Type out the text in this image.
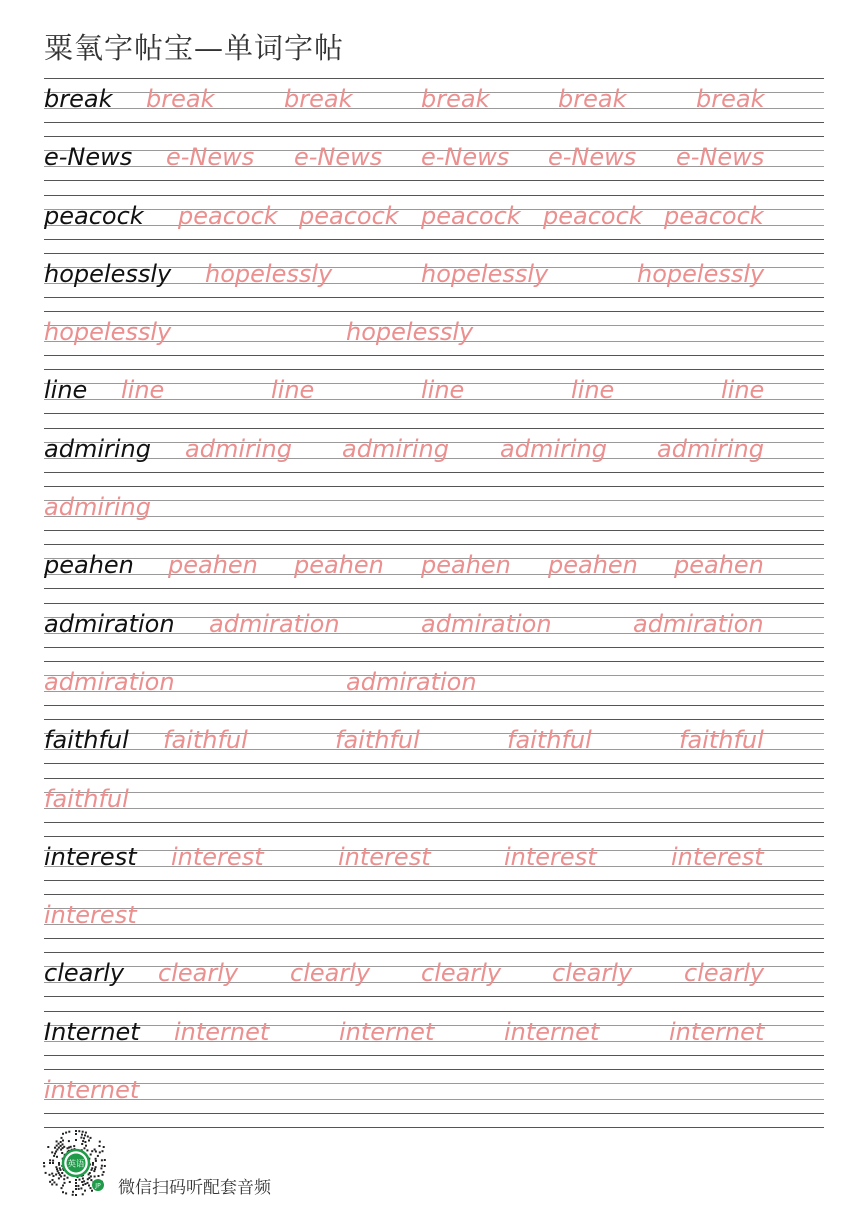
粟氧字帖宝—单词字帖
break break	break	break	break	break
e-News e-News e-News e-News e-News e-News
peacock peacock peacock peacock peacock peacock
hopelessly hopelessly	hopelessly	hopelessly
hopelessly	hopelessly
line line	line	line	line	line
admiring admiring admiring admiring admiring
admiring
peahen peahen peahen peahen peahen peahen
admiration admiration	admiration	admiration
admiration	admiration
faithful faithful	faithful	faithful	faithful
faithful
interest interest	interest	interest	interest
interest
clearly clearly clearly clearly clearly clearly
Internet internet	internet	internet	internet
internet
英语
JP 微信扫码听配套音频
